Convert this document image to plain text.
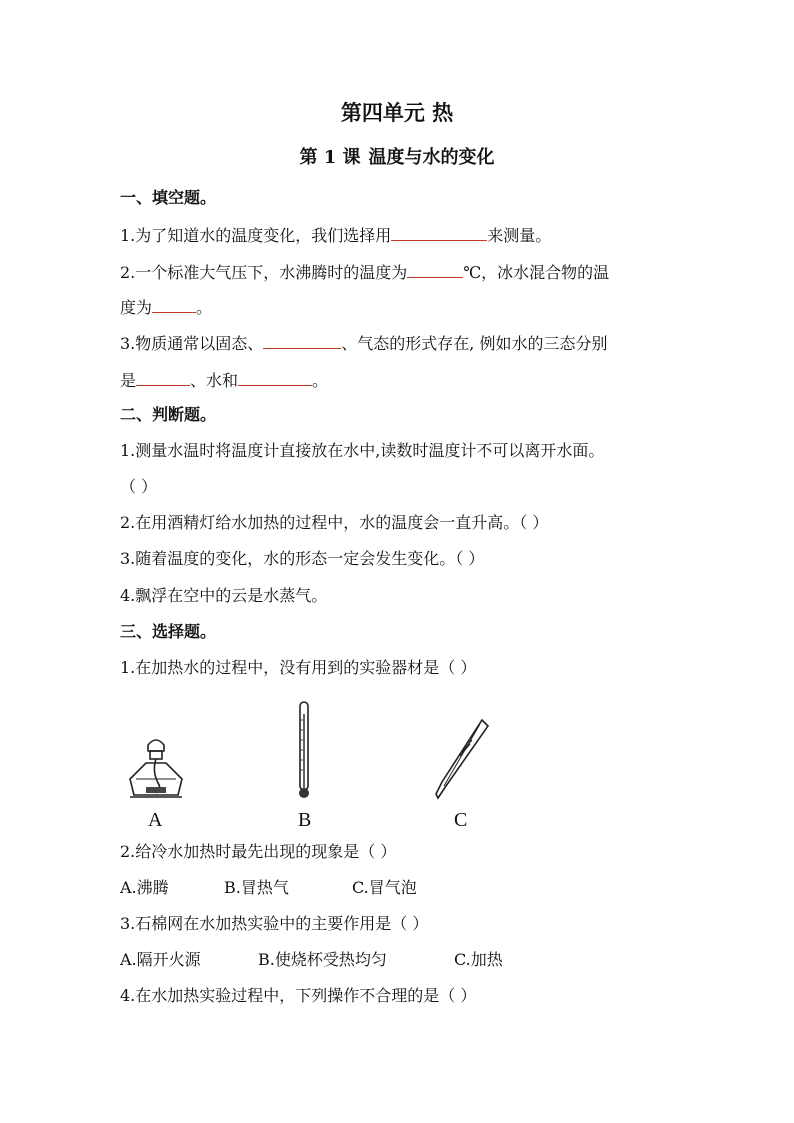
第四单元 热
第 1 课 温度与水的变化
一、填空题。
1.为了知道水的温度变化，我们选择用	来测量。
2.一个标准大气压下，水沸腾时的温度为	℃，冰水混合物的温
度为	。
3.物质通常以固态、	、气态的形式存在, 例如水的三态分别
是	、水和	。
二、判断题。
1.测量水温时将温度计直接放在水中,读数时温度计不可以离开水面。
（ ）
2.在用酒精灯给水加热的过程中，水的温度会一直升高。（ ）
3.随着温度的变化，水的形态一定会发生变化。（ ）
4.飘浮在空中的云是水蒸气。
三、选择题。
1.在加热水的过程中，没有用到的实验器材是（ ）
A	B	C
2.给冷水加热时最先出现的现象是（ ）
A.沸腾	B.冒热气	C.冒气泡
3.石棉网在水加热实验中的主要作用是（ ）
A.隔开火源	B.使烧杯受热均匀	C.加热
4.在水加热实验过程中，下列操作不合理的是（ ）
